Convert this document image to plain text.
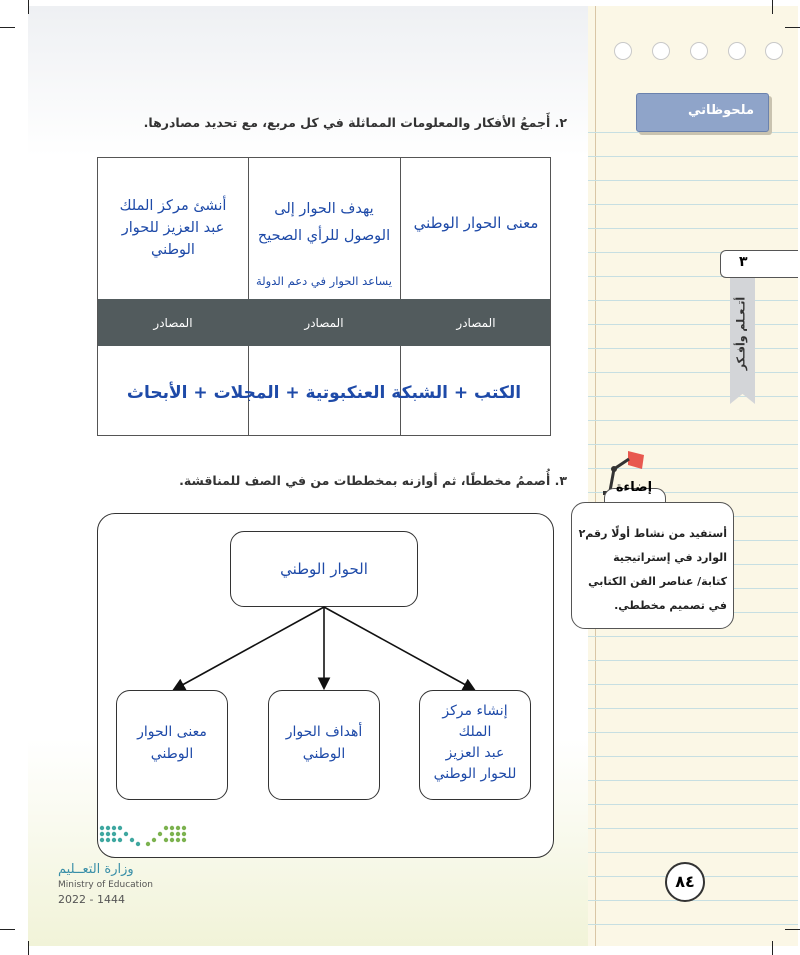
٢. أَجمعُ الأفكار والمعلومات المماثلة في كل مربع، مع تحديد مصادرها.
المصادر
المصادر
المصادر
معنى الحوار الوطني
يهدف الحوار إلى
الوصول للرأي الصحيح
يساعد الحوار في دعم الدولة
أنشئ مركز الملك
عبد العزيز للحوار
الوطني
الكتب + الشبكة العنكبوتية + المجلات + الأبحاث
٣. أُصممُ مخططًا، ثم أوازنه بمخططات من في الصف للمناقشة.
الحوار الوطني
إنشاء مركز
الملك
عبد العزيز
للحوار الوطني
أهداف الحوار
الوطني
معنى الحوار
الوطني
ملحوظاتي
٣
أتـعـلم وأفـكر
إضاءة
أستفيد من نشاط أولًا رقم٢
الوارد في إستراتيجية
كتابة/ عناصر الفن الكتابي
في تصميم مخططي.
٨٤
وزارة التعــليم
Ministry of Education
2022 - 1444
